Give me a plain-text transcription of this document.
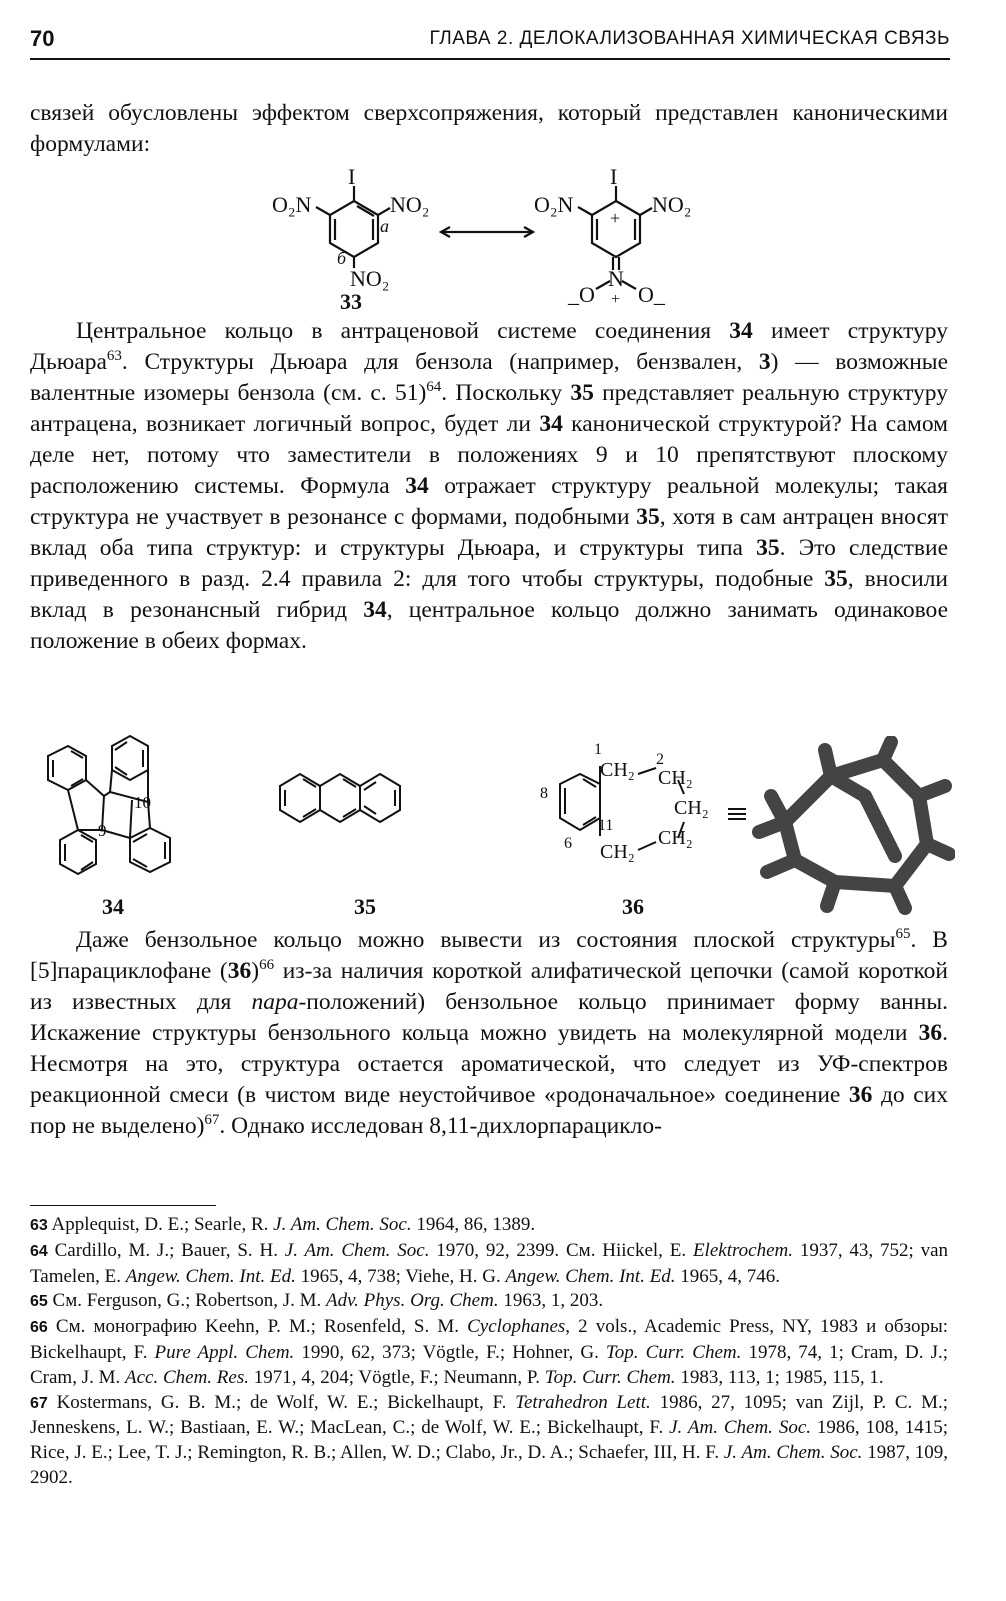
70	ГЛАВА 2. ДЕЛОКАЛИЗОВАННАЯ ХИМИЧЕСКАЯ СВЯЗЬ

связей обусловлены эффектом сверхсопряжения, который представлен каноническими формулами:

I
O₂N	NO₂
NO₂
a
б
33
I
O₂N	NO₂
+
N
_O O_
+

Центральное кольцо в антраценовой системе соединения 34 имеет структуру Дьюара$^{63}$. Структуры Дьюара для бензола (например, бензвален, 3) — возможные валентные изомеры бензола (см. с. 51)$^{64}$. Поскольку 35 представляет реальную структуру антрацена, возникает логичный вопрос, будет ли 34 канонической структурой? На самом деле нет, потому что заместители в положениях 9 и 10 препятствуют плоскому расположению системы. Формула 34 отражает структуру реальной молекулы; такая структура не участвует в резонансе с формами, подобными 35, хотя в сам антрацен вносят вклад оба типа структур: и структуры Дьюара, и структуры типа 35. Это следствие приведенного в разд. 2.4 правила 2: для того чтобы структуры, подобные 35, вносили вклад в резонансный гибрид 34, центральное кольцо должно занимать одинаковое положение в обеих формах.

10
9
34	35
1
2
CH₂ CH₂
CH₂
CH₂
CH₂
8
11
6
36

Даже бензольное кольцо можно вывести из состояния плоской структуры$^{65}$. В [5]парациклофане $(36)^{66}$ из-за наличия короткой алифатической цепочки (самой короткой из известных для пара-положений) бензольное кольцо принимает форму ванны. Искажение структуры бензольного кольца можно увидеть на молекулярной модели 36. Несмотря на это, структура остается ароматической, что следует из УФ-спектров реакционной смеси (в чистом виде неустойчивое «родоначальное» соединение 36 до сих пор не выделено)$^{67}$. Однако исследован 8,11-дихлорпарацикло-

63 Applequist, D. E.; Searle, R. J. Am. Chem. Soc. 1964, 86, 1389.

64 Cardillo, M. J.; Bauer, S. H. J. Am. Chem. Soc. 1970, 92, 2399. См. Hiickel, E. Elektrochem. 1937, 43, 752; van Tamelen, E. Angew. Chem. Int. Ed. 1965, 4, 738; Viehe, H. G. Angew. Chem. Int. Ed. 1965, 4, 746.

65 См. Ferguson, G.; Robertson, J. M. Adv. Phys. Org. Chem. 1963, 1, 203.

66 См. монографию Keehn, P. M.; Rosenfeld, S. M. Cyclophanes, 2 vols., Academic Press, NY, 1983 и обзоры: Bickelhaupt, F. Pure Appl. Chem. 1990, 62, 373; Vögtle, F.; Hohner, G. Top. Curr. Chem. 1978, 74, 1; Cram, D. J.; Cram, J. M. Acc. Chem. Res. 1971, 4, 204; Vögtle, F.; Neumann, P. Top. Curr. Chem. 1983, 113, 1; 1985, 115, 1.

67 Kostermans, G. B. M.; de Wolf, W. E.; Bickelhaupt, F. Tetrahedron Lett. 1986, 27, 1095; van Zijl, P. C. M.; Jenneskens, L. W.; Bastiaan, E. W.; MacLean, C.; de Wolf, W. E.; Bickelhaupt, F. J. Am. Chem. Soc. 1986, 108, 1415; Rice, J. E.; Lee, T. J.; Remington, R. B.; Allen, W. D.; Clabo, Jr., D. A.; Schaefer, III, H. F. J. Am. Chem. Soc. 1987, 109, 2902.
